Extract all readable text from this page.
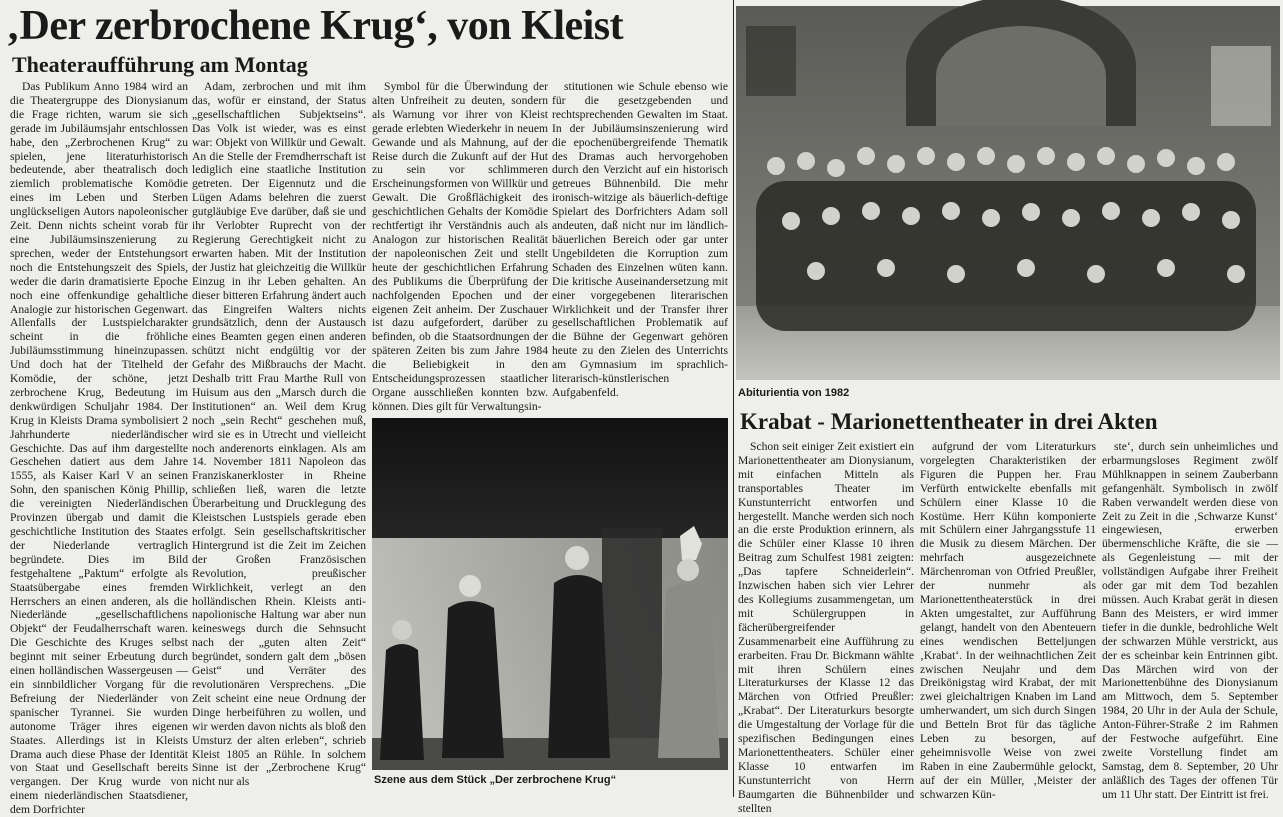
‚Der zerbrochene Krug‘, von Kleist
Theateraufführung am Montag

Das Publikum Anno 1984 wird an die Theatergruppe des Dionysianum die Frage richten, warum sie sich gerade im Jubiläumsjahr entschlossen habe, den „Zerbrochenen Krug“ zu spielen, jene literaturhistorisch bedeutende, aber theatralisch doch ziemlich problematische Komödie eines im Leben und Sterben unglückseligen Autors napoleonischer Zeit. Denn nichts scheint vorab für eine Jubiläumsinszenierung zu sprechen, weder der Entstehungsort noch die Entstehungszeit des Spiels, weder die darin dramatisierte Epoche noch eine offenkundige gehaltliche Analogie zur historischen Gegenwart. Allenfalls der Lustspielcharakter scheint in die fröhliche Jubiläumsstimmung hineinzupassen. Und doch hat der Titelheld der Komödie, der schöne, jetzt zerbrochene Krug, Bedeutung im denkwürdigen Schuljahr 1984. Der Krug in Kleists Drama symbolisiert 2 Jahrhunderte niederländischer Geschichte. Das auf ihm dargestellte Geschehen datiert aus dem Jahre 1555, als Kaiser Karl V an seinen Sohn, den spanischen König Phillip, die vereinigten Niederländischen Provinzen übergab und damit die geschichtliche Institution des Staates der Niederlande vertraglich begründete. Dies im Bild festgehaltene „Paktum“ erfolgte als Staatsübergabe eines fremden Herrschers an einen anderen, als die Niederlände „gesellschaftlichens Objekt“ der Feudalherrschaft waren. Die Geschichte des Kruges selbst beginnt mit seiner Erbeutung durch einen holländischen Wassergeusen — ein sinnbildlicher Vorgang für die Befreiung der Niederländer von spanischer Tyrannei. Sie wurden autonome Träger ihres eigenen Staates. Allerdings ist in Kleists Drama auch diese Phase der Identität von Staat und Gesellschaft bereits vergangen. Der Krug wurde von einem niederländischen Staatsdiener, dem Dorfrichter

Adam, zerbrochen und mit ihm das, wofür er einstand, der Status „gesellschaftlichen Subjektseins“. Das Volk ist wieder, was es einst war: Objekt von Willkür und Gewalt. An die Stelle der Fremdherrschaft ist lediglich eine staatliche Institution getreten. Der Eigennutz und die Lügen Adams belehren die zuerst gutgläubige Eve darüber, daß sie und ihr Verlobter Ruprecht von der Regierung Gerechtigkeit nicht zu erwarten haben. Mit der Institution der Justiz hat gleichzeitig die Willkür Einzug in ihr Leben gehalten. An dieser bitteren Erfahrung ändert auch das Eingreifen Walters nichts grundsätzlich, denn der Austausch eines Beamten gegen einen anderen schützt nicht endgültig vor der Gefahr des Mißbrauchs der Macht. Deshalb tritt Frau Marthe Rull von Huisum aus den „Marsch durch die Institutionen“ an. Weil dem Krug noch „sein Recht“ geschehen muß, wird sie es in Utrecht und vielleicht noch anderenorts einklagen. Als am 14. November 1811 Napoleon das Franziskanerkloster in Rheine schließen ließ, waren die letzte Überarbeitung und Drucklegung des Kleistschen Lustspiels gerade eben erfolgt. Sein gesellschaftskritischer Hintergrund ist die Zeit im Zeichen der Großen Französischen Revolution, preußischer Wirklichkeit, verlegt an den holländischen Rhein. Kleists anti-napolionische Haltung war aber nun keineswegs durch die Sehnsucht nach der „guten alten Zeit“ begründet, sondern galt dem „bösen Geist“ und Verräter des revolutionären Versprechens. „Die Zeit scheint eine neue Ordnung der Dinge herbeiführen zu wollen, und wir werden davon nichts als bloß den Umsturz der alten erleben“, schrieb Kleist 1805 an Rühle. In solchem Sinne ist der „Zerbrochene Krug“ nicht nur als

Symbol für die Überwindung der alten Unfreiheit zu deuten, sondern als Warnung vor ihrer von Kleist gerade erlebten Wiederkehr in neuem Gewande und als Mahnung, auf der Reise durch die Zukunft auf der Hut zu sein vor schlimmeren Erscheinungsformen von Willkür und Gewalt. Die Großflächigkeit des geschichtlichen Gehalts der Komödie rechtfertigt ihr Verständnis auch als Analogon zur historischen Realität der napoleonischen Zeit und stellt heute der geschichtlichen Erfahrung des Publikums die Überprüfung der nachfolgenden Epochen und der eigenen Zeit anheim. Der Zuschauer ist dazu aufgefordert, darüber zu befinden, ob die Staatsordnungen der späteren Zeiten bis zum Jahre 1984 die Beliebigkeit in den Entscheidungsprozessen staatlicher Organe ausschließen konnten bzw. können. Dies gilt für Verwaltungsin-

stitutionen wie Schule ebenso wie für die gesetzgebenden und rechtsprechenden Gewalten im Staat. In der Jubiläumsinszenierung wird die epochenübergreifende Thematik des Dramas auch hervorgehoben durch den Verzicht auf ein historisch getreues Bühnenbild. Die mehr ironisch-witzige als bäuerlich-deftige Spielart des Dorfrichters Adam soll andeuten, daß nicht nur im ländlich-bäuerlichen Bereich oder gar unter Ungebildeten die Korruption zum Schaden des Einzelnen wüten kann. Die kritische Auseinandersetzung mit einer vorgegebenen literarischen Wirklichkeit und der Transfer ihrer gesellschaftlichen Problematik auf die Bühne der Gegenwart gehören heute zu den Zielen des Unterrichts am Gymnasium im sprachlich-literarisch-künstlerischen Aufgabenfeld.

Szene aus dem Stück „Der zerbrochene Krug“
Abiturientia von 1982
Krabat - Marionettentheater in drei Akten

Schon seit einiger Zeit existiert ein Marionettentheater am Dionysianum, mit einfachen Mitteln als transportables Theater im Kunstunterricht entworfen und hergestellt. Manche werden sich noch an die erste Produktion erinnern, als die Schüler einer Klasse 10 ihren Beitrag zum Schulfest 1981 zeigten: „Das tapfere Schneiderlein“. Inzwischen haben sich vier Lehrer des Kollegiums zusammengetan, um mit Schülergruppen in fächerübergreifender Zusammenarbeit eine Aufführung zu erarbeiten. Frau Dr. Bickmann wählte mit ihren Schülern eines Literaturkurses der Klasse 12 das Märchen von Otfried Preußler: „Krabat“. Der Literaturkurs besorgte die Umgestaltung der Vorlage für die spezifischen Bedingungen eines Marionettentheaters. Schüler einer Klasse 10 entwarfen im Kunstunterricht von Herrn Baumgarten die Bühnenbilder und stellten

aufgrund der vom Literaturkurs vorgelegten Charakteristiken der Figuren die Puppen her. Frau Verfürth entwickelte ebenfalls mit Schülern einer Klasse 10 die Kostüme. Herr Kühn komponierte mit Schülern einer Jahrgangsstufe 11 die Musik zu diesem Märchen. Der mehrfach ausgezeichnete Märchenroman von Otfried Preußler, der nunmehr als Marionettentheaterstück in drei Akten umgestaltet, zur Aufführung gelangt, handelt von den Abenteuern eines wendischen Betteljungen ‚Krabat‘. In der weihnachtlichen Zeit zwischen Neujahr und dem Dreikönigstag wird Krabat, der mit zwei gleichaltrigen Knaben im Land umherwandert, um sich durch Singen und Betteln Brot für das tägliche Leben zu besorgen, auf geheimnisvolle Weise von zwei Raben in eine Zaubermühle gelockt, auf der ein Müller, ‚Meister der schwarzen Kün-

ste‘, durch sein unheimliches und erbarmungsloses Regiment zwölf Mühlknappen in seinem Zauberbann gefangenhält. Symbolisch in zwölf Raben verwandelt werden diese von Zeit zu Zeit in die ‚Schwarze Kunst‘ eingewiesen, erwerben übermenschliche Kräfte, die sie — als Gegenleistung — mit der vollständigen Aufgabe ihrer Freiheit oder gar mit dem Tod bezahlen müssen. Auch Krabat gerät in diesen Bann des Meisters, er wird immer tiefer in die dunkle, bedrohliche Welt der schwarzen Mühle verstrickt, aus der es scheinbar kein Entrinnen gibt. Das Märchen wird von der Marionettenbühne des Dionysianum am Mittwoch, dem 5. September 1984, 20 Uhr in der Aula der Schule, Anton-Führer-Straße 2 im Rahmen der Festwoche aufgeführt. Eine zweite Vorstellung findet am Samstag, dem 8. September, 20 Uhr anläßlich des Tages der offenen Tür um 11 Uhr statt. Der Eintritt ist frei.
